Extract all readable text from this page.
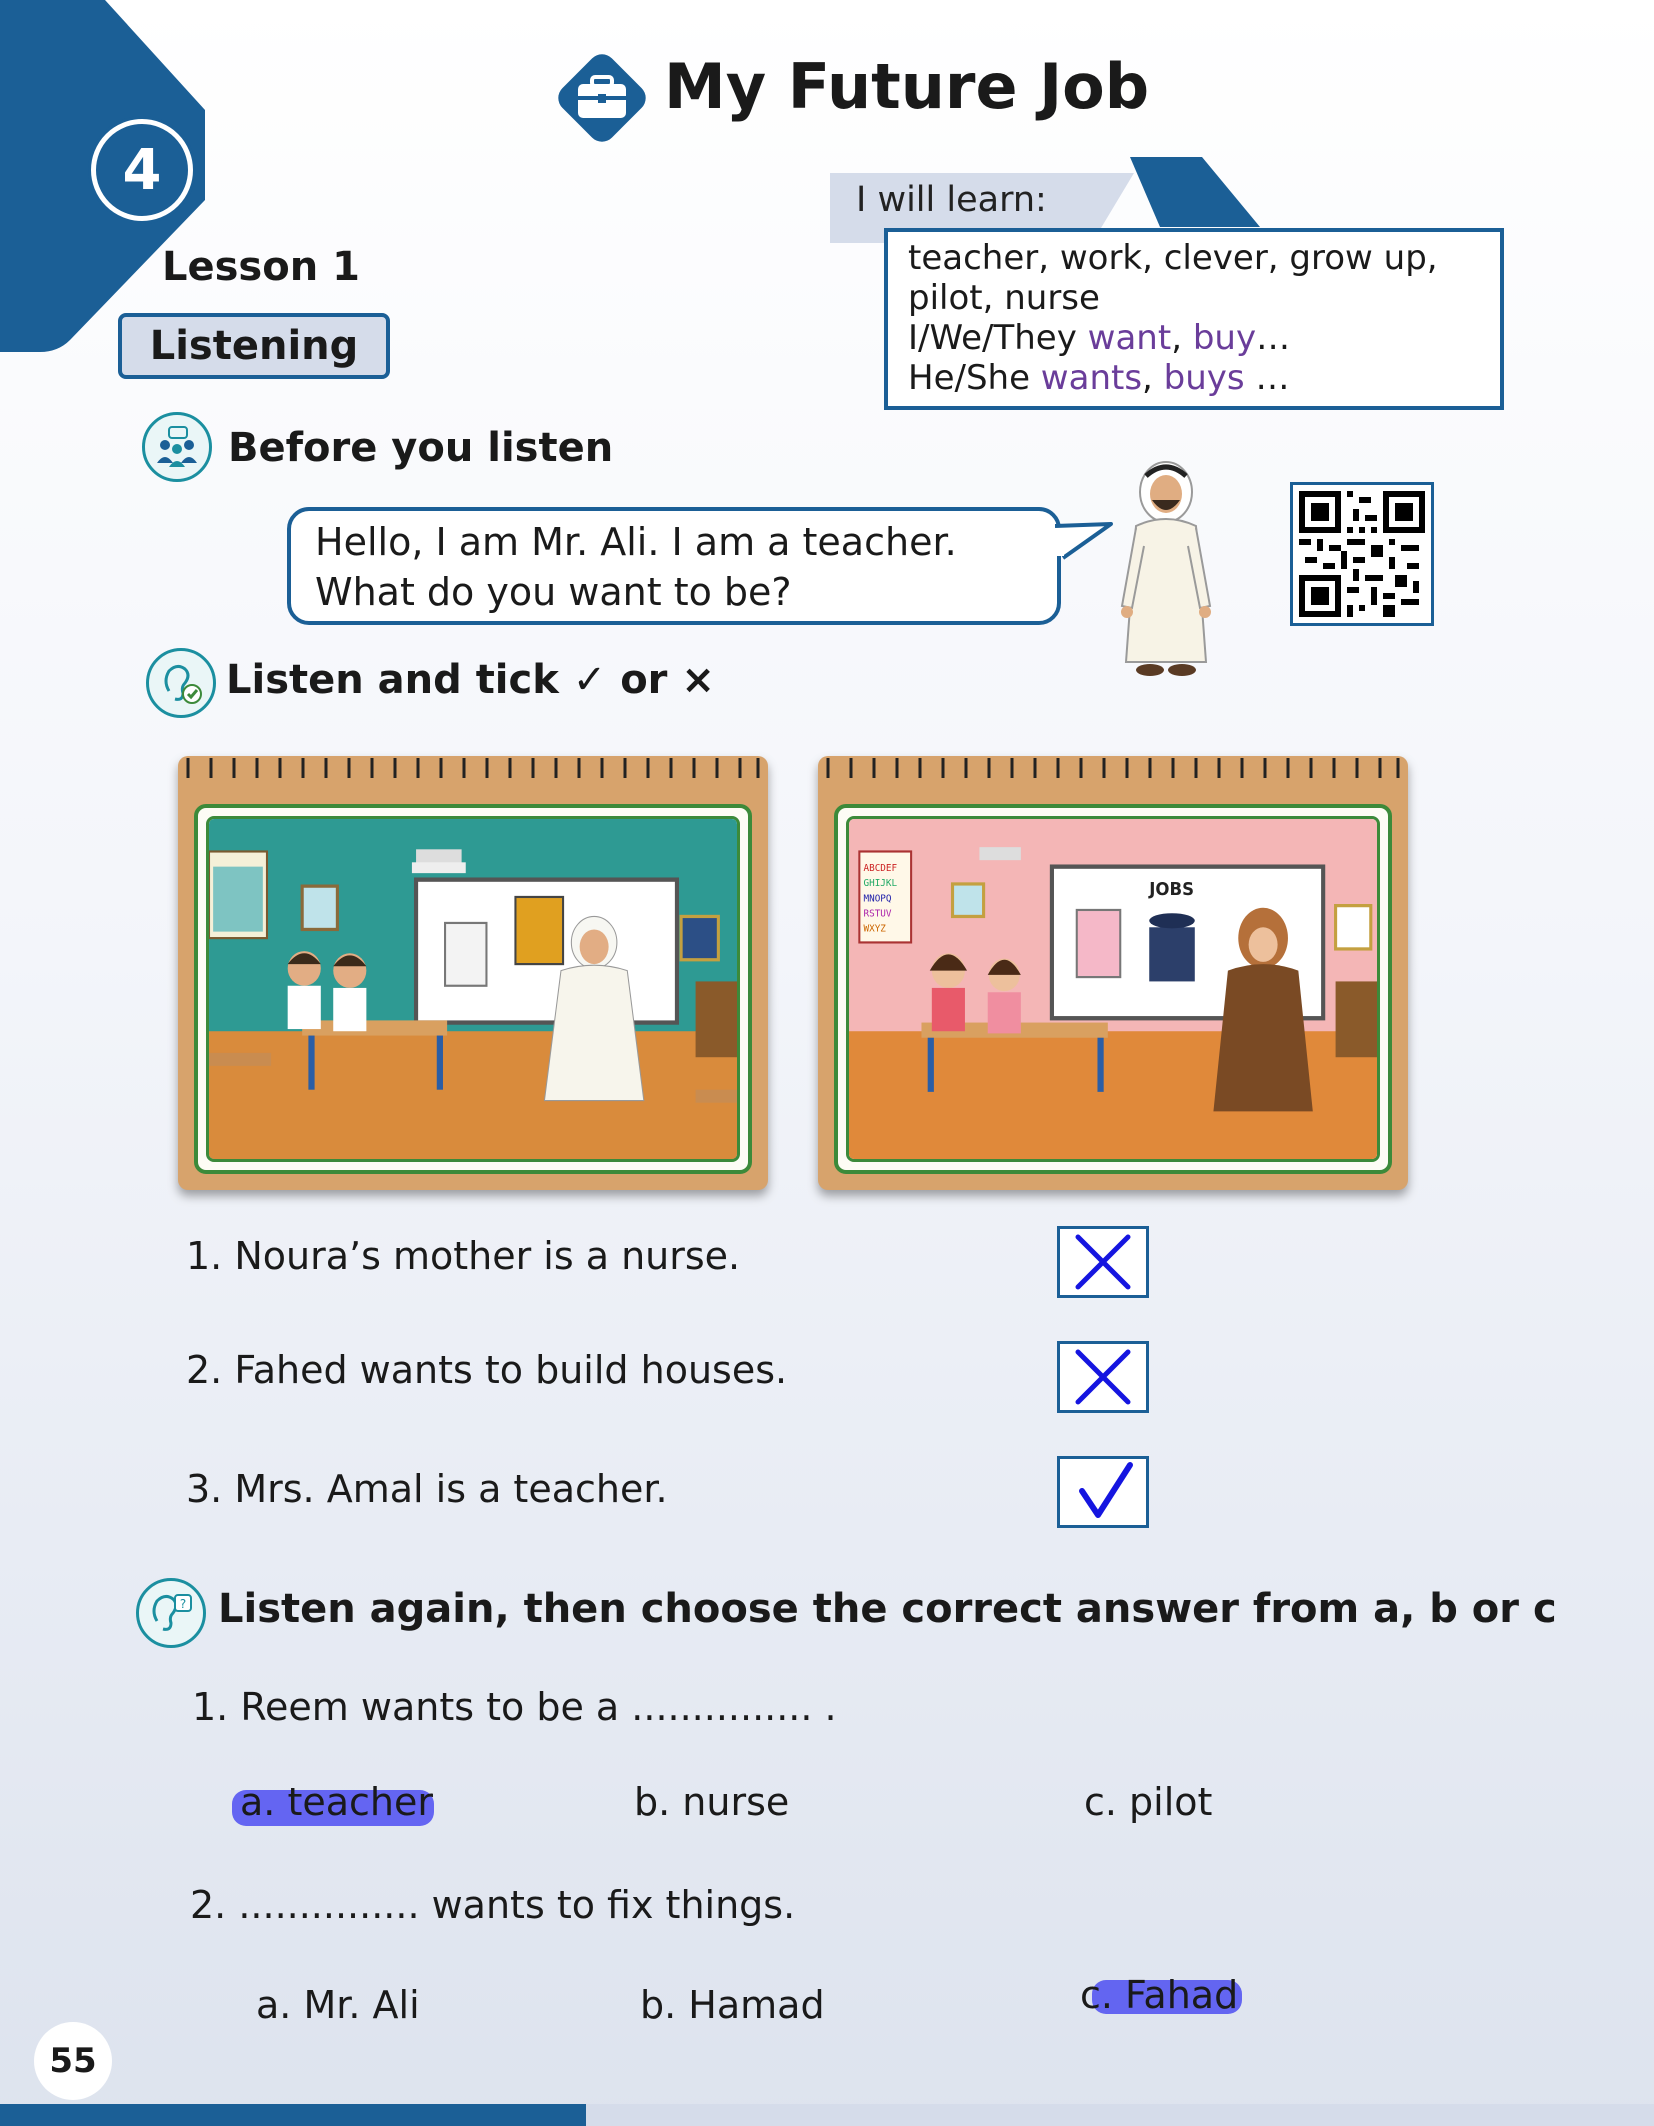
4
My Future Job
Lesson 1
Listening
I will learn:
teacher, work, clever, grow up,
pilot, nurse
I/We/They want, buy…
He/She wants, buys …
Before you listen
Hello, I am Mr. Ali. I am a teacher.
What do you want to be?
Listen and tick ✓ or ×
ABCDEF
GHIJKL
MNOPQ
RSTUV
WXYZ
JOBS
1. Noura’s mother is a nurse.
2. Fahed wants to build houses.
3. Mrs. Amal is a teacher.
? Listen again, then choose the correct answer from a, b or c
1. Reem wants to be a ............... .
a. teacher	b. nurse	c. pilot
2. ............... wants to fix things.
a. Mr. Ali	b. Hamad	c. Fahad
55
